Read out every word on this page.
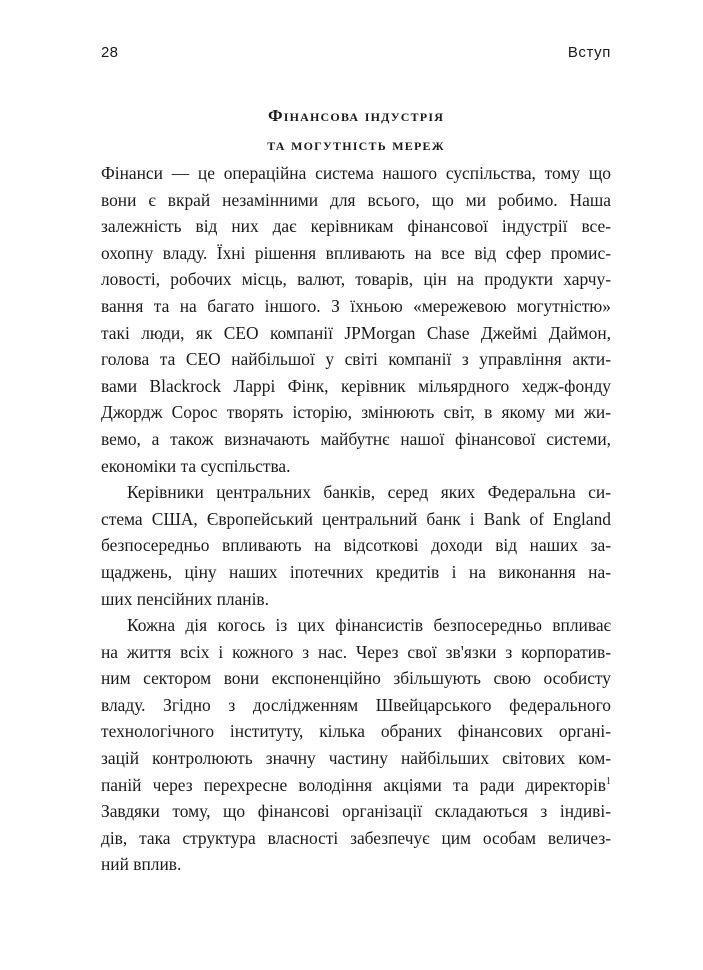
28	Вступ
Фінансова індустрія
та могутність мереж

Фінанси — це операційна система нашого суспільства, тому що
вони є вкрай незамінними для всього, що ми робимо. Наша
залежність від них дає керівникам фінансової індустрії все-
охопну владу. Їхні рішення впливають на все від сфер промис-
ловості, робочих місць, валют, товарів, цін на продукти харчу-
вання та на багато іншого. З їхньою «мережевою могутністю»
такі люди, як CEO компанії JPMorgan Chase Джеймі Даймон,
голова та CEO найбільшої у світі компанії з управління акти-
вами Blackrock Ларрі Фінк, керівник мільярдного хедж-фонду
Джордж Сорос творять історію, змінюють світ, в якому ми жи-
вемо, а також визначають майбутнє нашої фінансової системи,
економіки та суспільства.

Керівники центральних банків, серед яких Федеральна си-
стема США, Європейський центральний банк і Bank of England
безпосередньо впливають на відсоткові доходи від наших за-
щаджень, ціну наших іпотечних кредитів і на виконання на-
ших пенсійних планів.

Кожна дія когось із цих фінансистів безпосередньо впливає
на життя всіх і кожного з нас. Через свої зв'язки з корпоратив-
ним сектором вони експоненційно збільшують свою особисту
владу. Згідно з дослідженням Швейцарського федерального
технологічного інституту, кілька обраних фінансових органі-
зацій контролюють значну частину найбільших світових ком-
паній через перехресне володіння акціями та ради директорів$^1$
Завдяки тому, що фінансові організації складаються з індиві-
дів, така структура власності забезпечує цим особам величез-
ний вплив.
